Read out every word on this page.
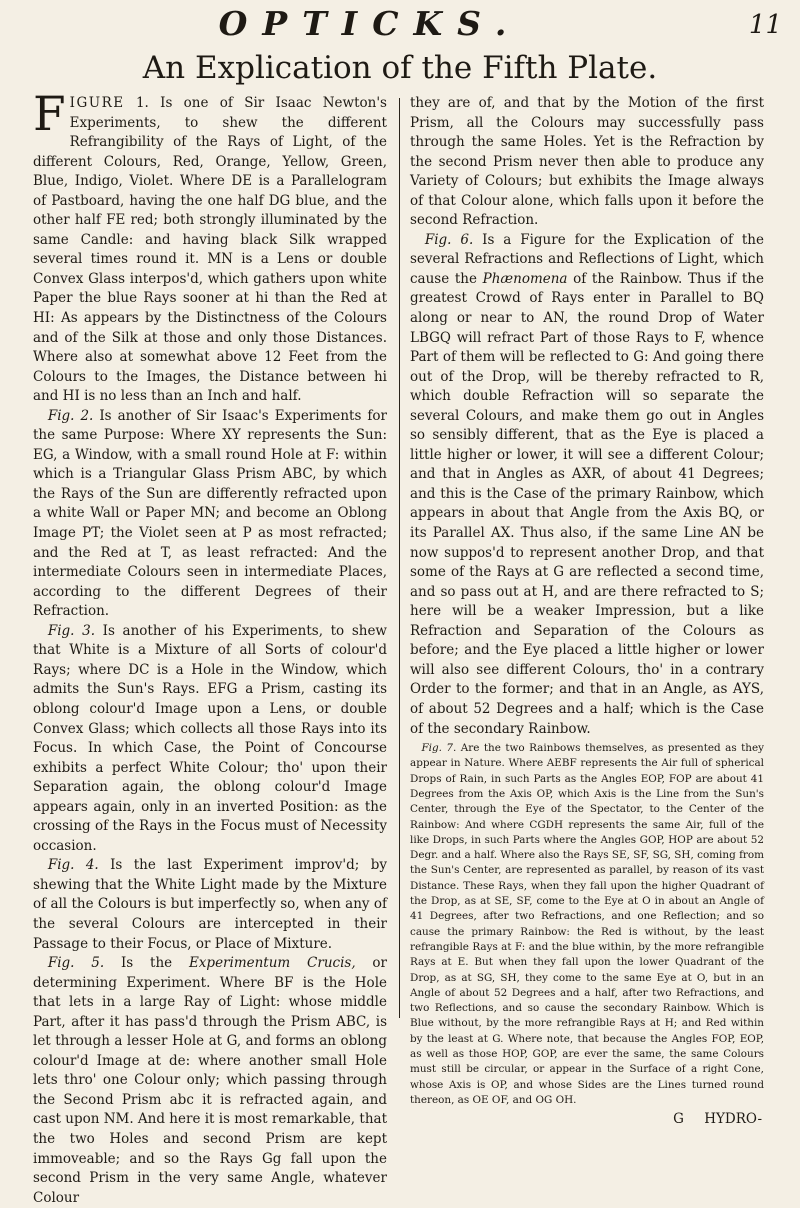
OPTICKS.	11
An Explication of the Fifth Plate.

FIGURE 1. Is one of Sir Isaac Newton's Experiments, to shew the different Refrangibility of the Rays of Light, of the different Colours, Red, Orange, Yellow, Green, Blue, Indigo, Violet. Where DE is a Parallelogram of Pastboard, having the one half DG blue, and the other half FE red; both strongly illuminated by the same Candle: and having black Silk wrapped several times round it. MN is a Lens or double Convex Glass interpos'd, which gathers upon white Paper the blue Rays sooner at hi than the Red at HI: As appears by the Distinctness of the Colours and of the Silk at those and only those Distances. Where also at somewhat above 12 Feet from the Colours to the Images, the Distance between hi and HI is no less than an Inch and half.

Fig. 2. Is another of Sir Isaac's Experiments for the same Purpose: Where XY represents the Sun: EG, a Window, with a small round Hole at F: within which is a Triangular Glass Prism ABC, by which the Rays of the Sun are differently refracted upon a white Wall or Paper MN; and become an Oblong Image PT; the Violet seen at P as most refracted; and the Red at T, as least refracted: And the intermediate Colours seen in intermediate Places, according to the different Degrees of their Refraction.

Fig. 3. Is another of his Experiments, to shew that White is a Mixture of all Sorts of colour'd Rays; where DC is a Hole in the Window, which admits the Sun's Rays. EFG a Prism, casting its oblong colour'd Image upon a Lens, or double Convex Glass; which collects all those Rays into its Focus. In which Case, the Point of Concourse exhibits a perfect White Colour; tho' upon their Separation again, the oblong colour'd Image appears again, only in an inverted Position: as the crossing of the Rays in the Focus must of Necessity occasion.

Fig. 4. Is the last Experiment improv'd; by shewing that the White Light made by the Mixture of all the Colours is but imperfectly so, when any of the several Colours are intercepted in their Passage to their Focus, or Place of Mixture.

Fig. 5. Is the Experimentum Crucis, or determining Experiment. Where BF is the Hole that lets in a large Ray of Light: whose middle Part, after it has pass'd through the Prism ABC, is let through a lesser Hole at G, and forms an oblong colour'd Image at de: where another small Hole lets thro' one Colour only; which passing through the Second Prism abc it is refracted again, and cast upon NM. And here it is most remarkable, that the two Holes and second Prism are kept immoveable; and so the Rays Gg fall upon the second Prism in the very same Angle, whatever Colour

they are of, and that by the Motion of the first Prism, all the Colours may successfully pass through the same Holes. Yet is the Refraction by the second Prism never then able to produce any Variety of Colours; but exhibits the Image always of that Colour alone, which falls upon it before the second Refraction.

Fig. 6. Is a Figure for the Explication of the several Refractions and Reflections of Light, which cause the Phænomena of the Rainbow. Thus if the greatest Crowd of Rays enter in Parallel to BQ along or near to AN, the round Drop of Water LBGQ will refract Part of those Rays to F, whence Part of them will be reflected to G: And going there out of the Drop, will be thereby refracted to R, which double Refraction will so separate the several Colours, and make them go out in Angles so sensibly different, that as the Eye is placed a little higher or lower, it will see a different Colour; and that in Angles as AXR, of about 41 Degrees; and this is the Case of the primary Rainbow, which appears in about that Angle from the Axis BQ, or its Parallel AX. Thus also, if the same Line AN be now suppos'd to represent another Drop, and that some of the Rays at G are reflected a second time, and so pass out at H, and are there refracted to S; here will be a weaker Impression, but a like Refraction and Separation of the Colours as before; and the Eye placed a little higher or lower will also see different Colours, tho' in a contrary Order to the former; and that in an Angle, as AYS, of about 52 Degrees and a half; which is the Case of the secondary Rainbow.

Fig. 7. Are the two Rainbows themselves, as presented as they appear in Nature. Where AEBF represents the Air full of spherical Drops of Rain, in such Parts as the Angles EOP, FOP are about 41 Degrees from the Axis OP, which Axis is the Line from the Sun's Center, through the Eye of the Spectator, to the Center of the Rainbow: And where CGDH represents the same Air, full of the like Drops, in such Parts where the Angles GOP, HOP are about 52 Degr. and a half. Where also the Rays SE, SF, SG, SH, coming from the Sun's Center, are represented as parallel, by reason of its vast Distance. These Rays, when they fall upon the higher Quadrant of the Drop, as at SE, SF, come to the Eye at O in about an Angle of 41 Degrees, after two Refractions, and one Reflection; and so cause the primary Rainbow: the Red is without, by the least refrangible Rays at F: and the blue within, by the more refrangible Rays at E. But when they fall upon the lower Quadrant of the Drop, as at SG, SH, they come to the same Eye at O, but in an Angle of about 52 Degrees and a half, after two Refractions, and two Reflections, and so cause the secondary Rainbow. Which is Blue without, by the more refrangible Rays at H; and Red within by the least at G. Where note, that because the Angles FOP, EOP, as well as those HOP, GOP, are ever the same, the same Colours must still be circular, or appear in the Surface of a right Cone, whose Axis is OP, and whose Sides are the Lines turned round thereon, as OE OF, and OG OH.

G HYDRO-
